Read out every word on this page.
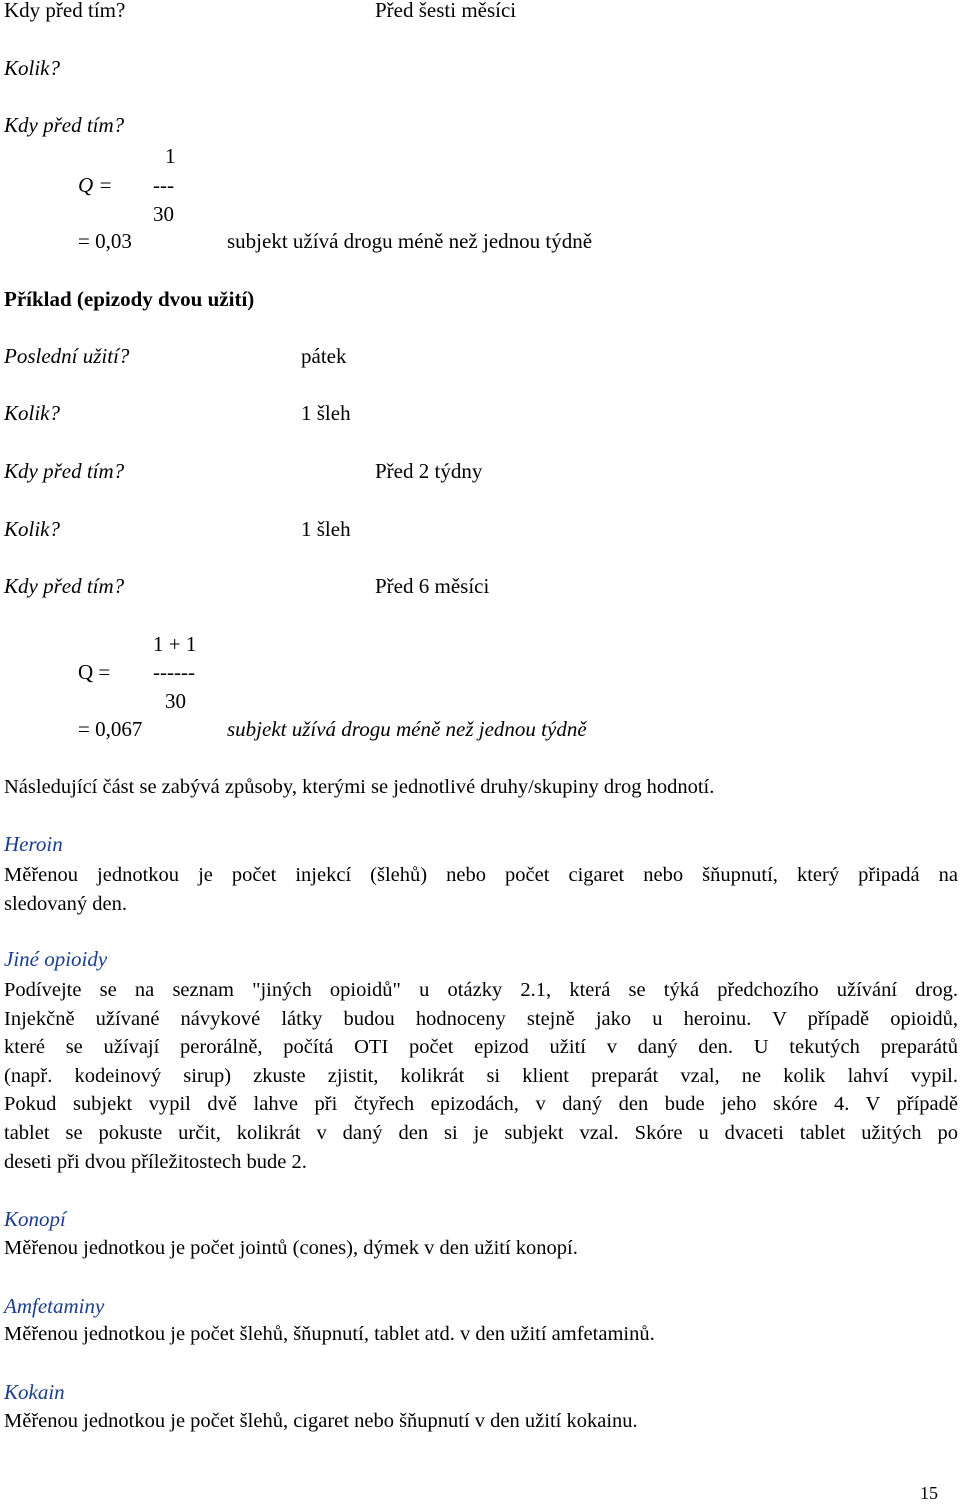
Kdy před tím?	Před šesti měsíci
Kolik?
Kdy před tím?
1
Q = ---
30
= 0,03	subjekt užívá drogu méně než jednou týdně
Příklad (epizody dvou užití)
Poslední užití?	pátek
Kolik?	1 šleh
Kdy před tím?	Před 2 týdny
Kolik?	1 šleh
Kdy před tím?	Před 6 měsíci
1 + 1
Q = ------
30
= 0,067	subjekt užívá drogu méně než jednou týdně
Následující část se zabývá způsoby, kterými se jednotlivé druhy/skupiny drog hodnotí.
Heroin
Měřenou jednotkou je počet injekcí (šlehů) nebo počet cigaret nebo šňupnutí, který připadá na
sledovaný den.
Jiné opioidy
Podívejte se na seznam "jiných opioidů" u otázky 2.1, která se týká předchozího užívání drog.
Injekčně užívané návykové látky budou hodnoceny stejně jako u heroinu. V případě opioidů,
které se užívají perorálně, počítá OTI počet epizod užití v daný den. U tekutých preparátů
(např. kodeinový sirup) zkuste zjistit, kolikrát si klient preparát vzal, ne kolik lahví vypil.
Pokud subjekt vypil dvě lahve při čtyřech epizodách, v daný den bude jeho skóre 4. V případě
tablet se pokuste určit, kolikrát v daný den si je subjekt vzal. Skóre u dvaceti tablet užitých po
deseti při dvou příležitostech bude 2.
Konopí
Měřenou jednotkou je počet jointů (cones), dýmek v den užití konopí.
Amfetaminy
Měřenou jednotkou je počet šlehů, šňupnutí, tablet atd. v den užití amfetaminů.
Kokain
Měřenou jednotkou je počet šlehů, cigaret nebo šňupnutí v den užití kokainu.
15
